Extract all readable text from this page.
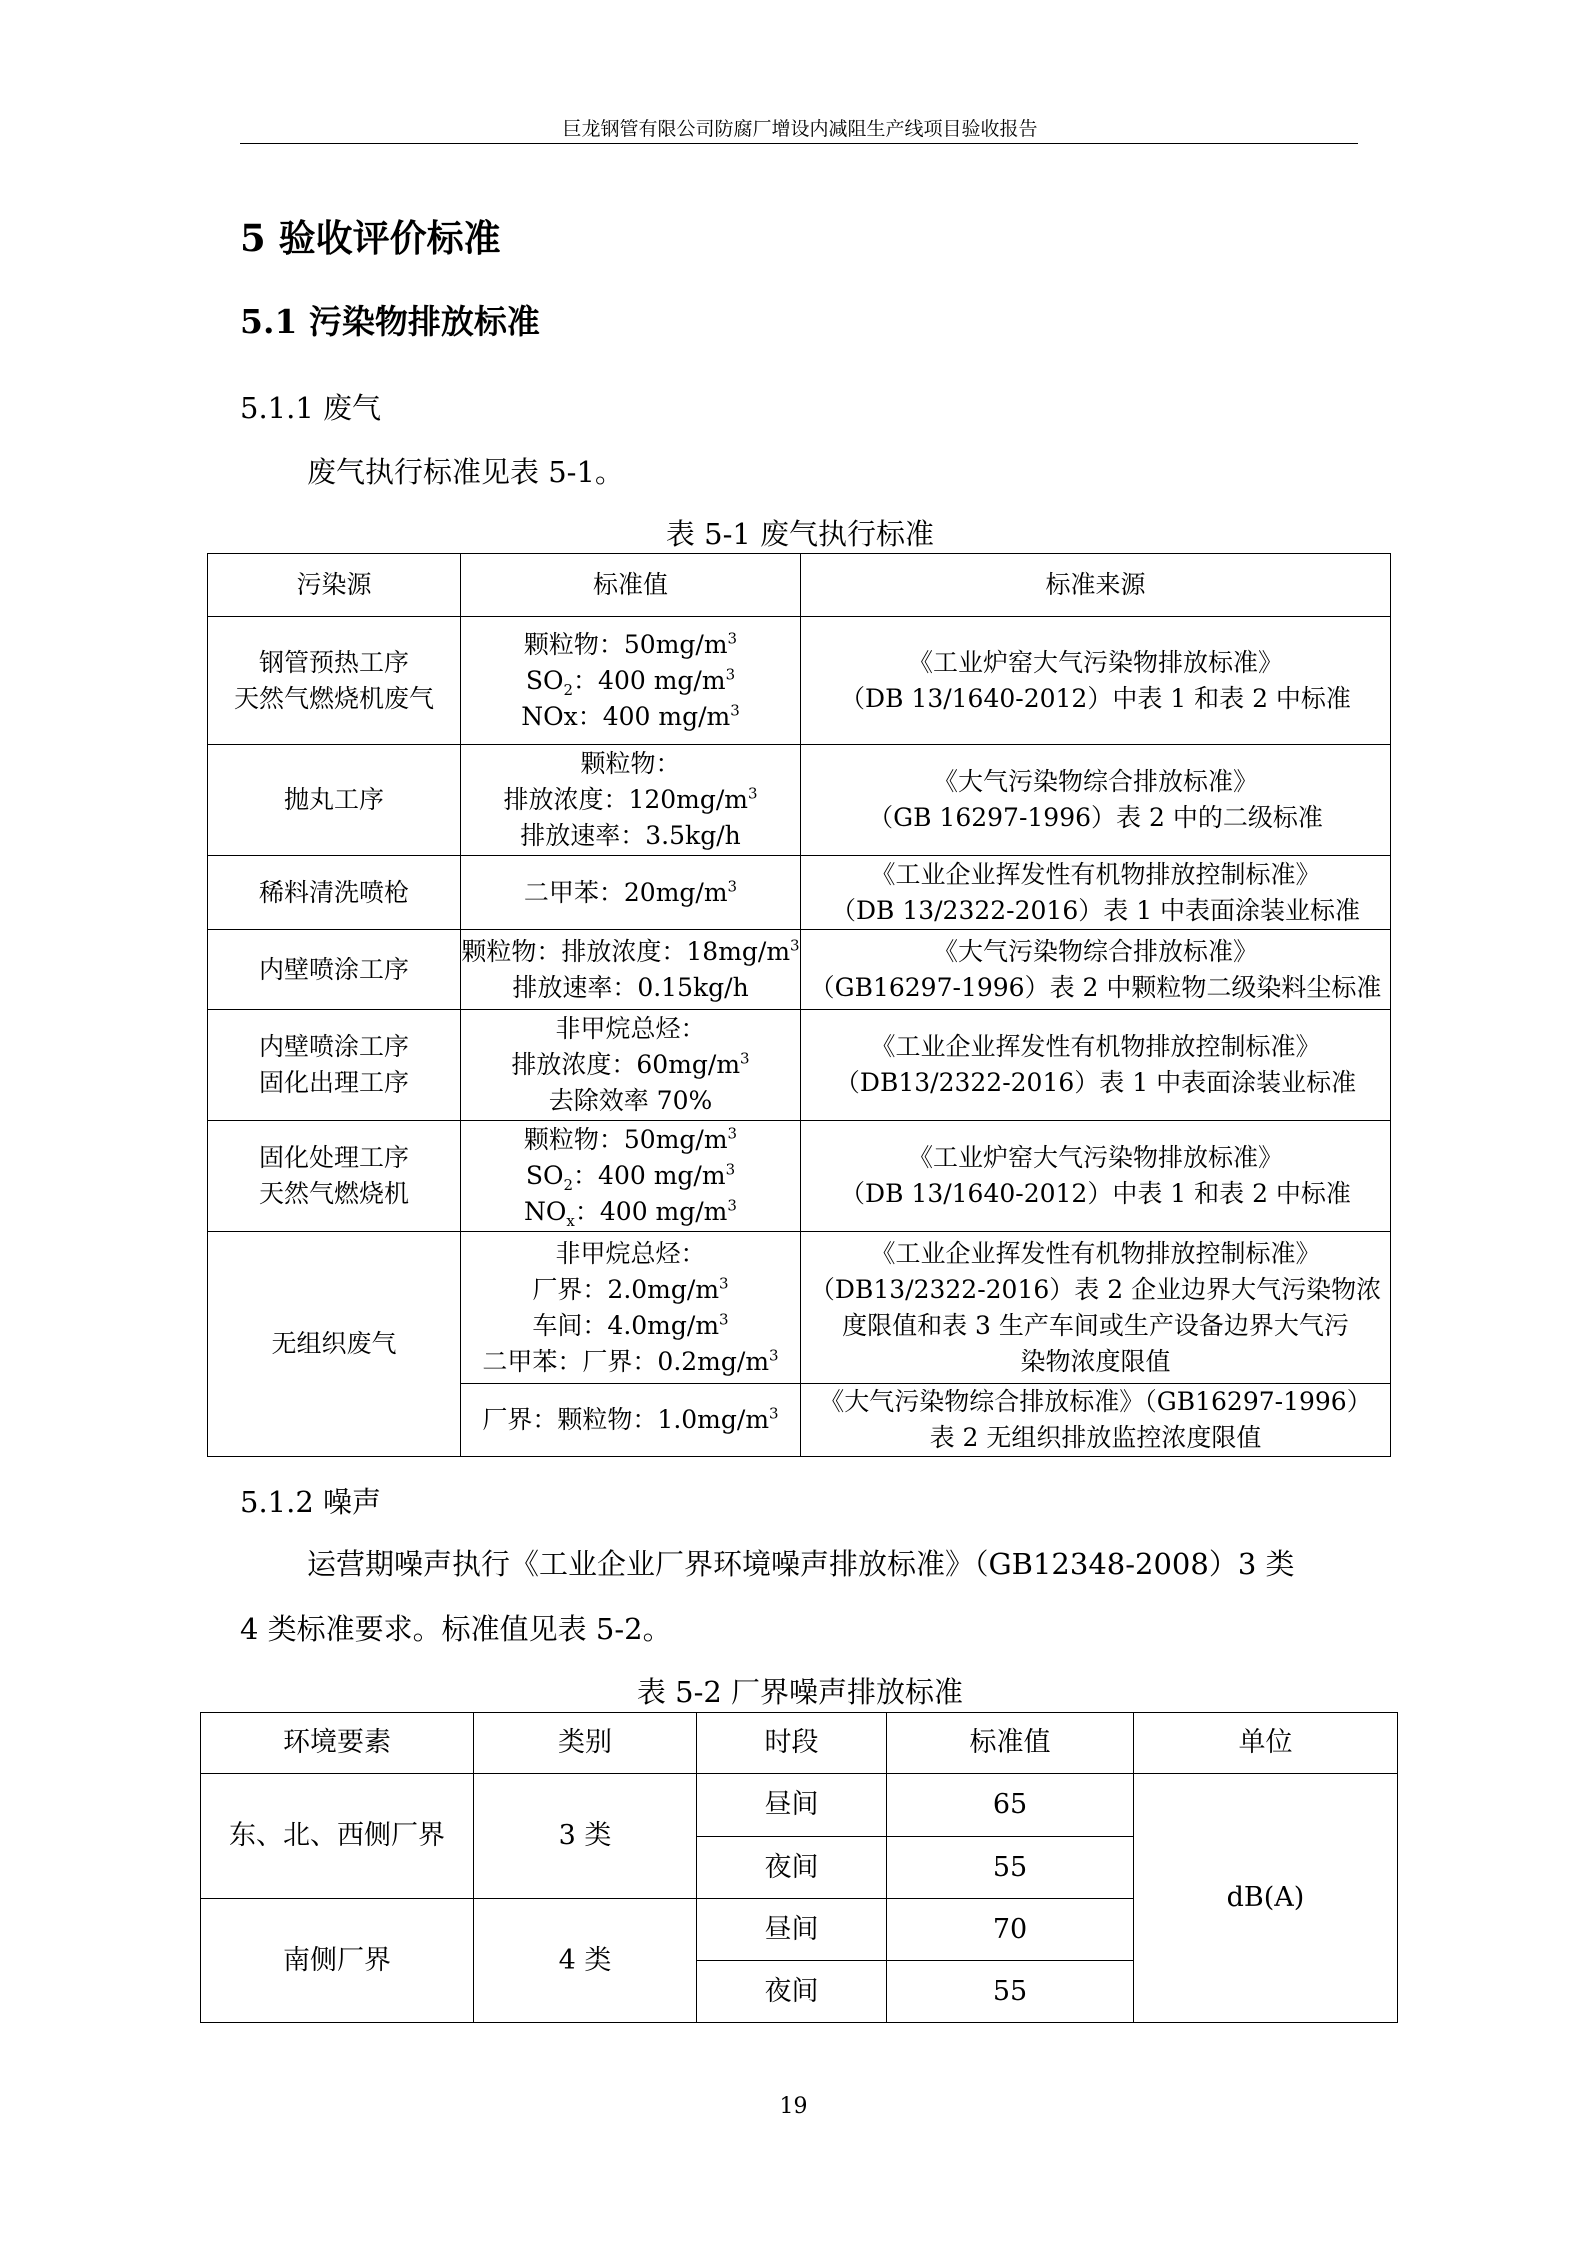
巨龙钢管有限公司防腐厂增设内减阻生产线项目验收报告
5 验收评价标准
5.1 污染物排放标准
5.1.1 废气
废气执行标准见表 5-1。
表 5-1 废气执行标准
污染源	标准值	标准来源

钢管预热工序
天然气燃烧机废气	颗粒物：$50mg/m^3$
$SO_2$：400 $mg/m^3$
NOx：400 $mg/m^3$	《工业炉窑大气污染物排放标准》
（DB 13/1640-2012）中表 1 和表 2 中标准

抛丸工序	颗粒物：
排放浓度：$120mg/m^3$
排放速率：3.5kg/h	《大气污染物综合排放标准》
（GB 16297-1996）表 2 中的二级标准

稀料清洗喷枪	二甲苯：$20mg/m^3$	《工业企业挥发性有机物排放控制标准》
（DB 13/2322-2016）表 1 中表面涂装业标准

内壁喷涂工序	颗粒物：排放浓度：$18mg/m^3$
排放速率：0.15kg/h	《大气污染物综合排放标准》
（GB16297-1996）表 2 中颗粒物二级染料尘标准

内壁喷涂工序
固化出理工序	非甲烷总烃：
排放浓度：$60mg/m^3$
去除效率 70%	《工业企业挥发性有机物排放控制标准》
（DB13/2322-2016）表 1 中表面涂装业标准

固化处理工序
天然气燃烧机	颗粒物：$50mg/m^3$
$SO_2$：400 $mg/m^3$
$NO_x$：400 $mg/m^3$	《工业炉窑大气污染物排放标准》
（DB 13/1640-2012）中表 1 和表 2 中标准

无组织废气	非甲烷总烃：
厂界：$2.0mg/m^3$
车间：$4.0mg/m^3$
二甲苯：厂界：$0.2mg/m^3$	《工业企业挥发性有机物排放控制标准》
（DB13/2322-2016）表 2 企业边界大气污染物浓
度限值和表 3 生产车间或生产设备边界大气污
染物浓度限值

	厂界：颗粒物：$1.0mg/m^3$	《大气污染物综合排放标准》（GB16297-1996）
表 2 无组织排放监控浓度限值
5.1.2 噪声
运营期噪声执行《工业企业厂界环境噪声排放标准》（GB12348-2008）3 类
4 类标准要求。标准值见表 5-2。
表 5-2 厂界噪声排放标准
环境要素	类别	时段	标准值	单位
东、北、西侧厂界	3 类	昼间	65	dB(A)
		夜间	55	
南侧厂界	4 类	昼间	70	
		夜间	55	
19
